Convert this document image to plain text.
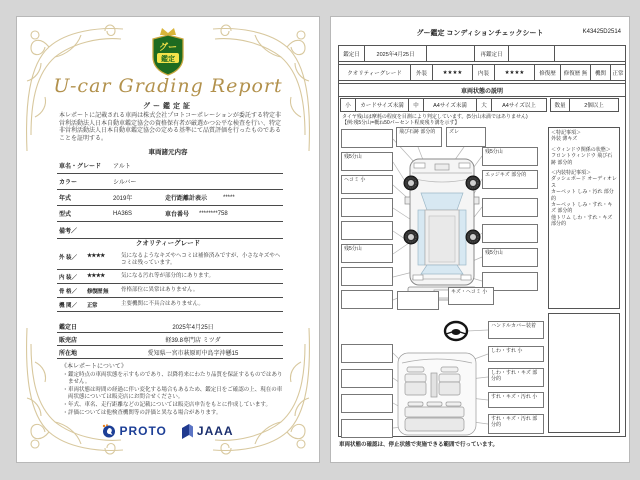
グー
鑑定
U-car Grading Report
グー鑑定証
本レポートに記載される車両は株式会社プロトコーポレーションが委託する特定非営利活動法人日本自動車鑑定協会の資格保有者が厳選かつ公平な検査を行い、特定非営利活動法人日本自動車鑑定協会の定める基準にて品質評価を行ったものであることを証明する。
車両諸元内容
車名・グレード	アルト
カラー	シルバー
年式	2019年	走行距離計表示	*****
型式	HA36S	車台番号	********758
備考／
クオリティーグレード
外 装／	★★★★	気になるようなキズやヘコミは補修済みですが、小さなキズやヘコミは残っています。
内 装／	★★★★	気になる汚れ等が部分的にあります。
骨 格／	修復歴 無	骨格部位に異常はありません。
機 関／	正常	主要機関に不具合はありません。
鑑定日	2025年4月25日
販売店	軽39.8専門店 ミツダ
所在地	愛知県一宮市萩原町中島字沖懸15
《本レポートについて》
・ 鑑定時点の車両状態を示すものであり、以降将来にわたり品質を保証するものではありません。
・ 車両状態は時間の経過に伴い変化する場合もあるため、鑑定日をご確認の上、現在の車両状態については販売店にお問合せください。
・ 年式、車名、走行距離などの記載については販売店申告をもとに作成しています。
・ 評価については他検査機関等の評価と異なる場合があります。
PROTO	JAAA
グー鑑定 コンディションチェックシート	K43425D2514
鑑定日	2025年4月25日	再鑑定日
クオリティーグレード	外装	★★★★	内装	★★★★	修復歴	修復歴 無	機関	正常
車両状態の説明
小	カードサイズ未満	中	A4サイズ未満	大	A4サイズ以上	数量	2個以上
タイヤ残山は摩耗の程度を目測により判定しています。(5分山未満ではありません)
【例:残5分山=概ね50パーセント程度残り溝を示す】
残5分山
ヘコミ 小
残5分山
飛び石跡 部分的	ズレ
残5分山
エッジキズ 部分的
残5分山
キズ・ヘコミ 小
ハンドルカバー装着
しわ・すれ 小
しわ・すれ・キズ 部分的
すれ・キズ・汚れ 小
すれ・キズ・汚れ 部分的
＜特記事項＞
外装 薄キズ
＜ウィンドウ関係の状態＞
フロントウィンドウ 飛び石跡 部分的
＜内装特記事項＞
ダッシュボード オーディオレス
カーペット しみ・汚れ 部分的
カーペット しみ・すれ・キズ 部分的
他トリム しわ・すれ・キズ 部分的
車両状態の確認は、停止状態で実施できる範囲で行っています。
